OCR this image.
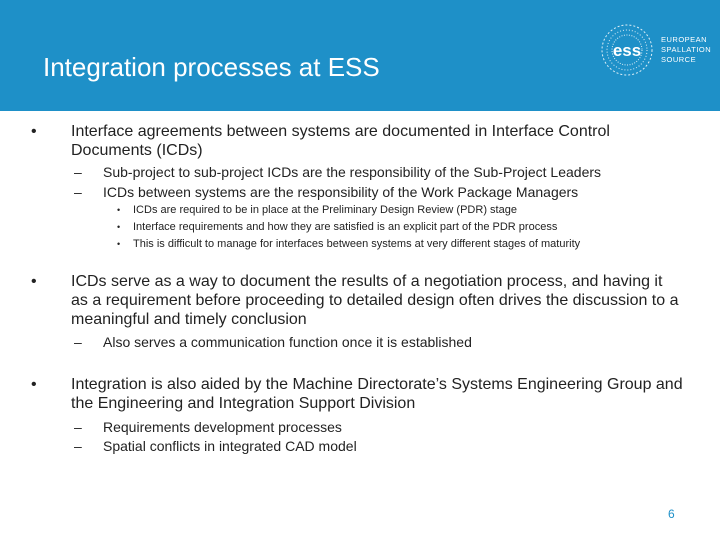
Integration processes at ESS
ess
EUROPEAN
SPALLATION
SOURCE
• Interface agreements between systems are documented in Interface Control Documents (ICDs)
– Sub-project to sub-project ICDs are the responsibility of the Sub-Project Leaders
– ICDs between systems are the responsibility of the Work Package Managers
• ICDs are required to be in place at the Preliminary Design Review (PDR) stage
• Interface requirements and how they are satisfied is an explicit part of the PDR process
• This is difficult to manage for interfaces between systems at very different stages of maturity
• ICDs serve as a way to document the results of a negotiation process, and having it as a requirement before proceeding to detailed design often drives the discussion to a meaningful and timely conclusion
– Also serves a communication function once it is established
• Integration is also aided by the Machine Directorate’s Systems Engineering Group and the Engineering and Integration Support Division
– Requirements development processes
– Spatial conflicts in integrated CAD model
6
